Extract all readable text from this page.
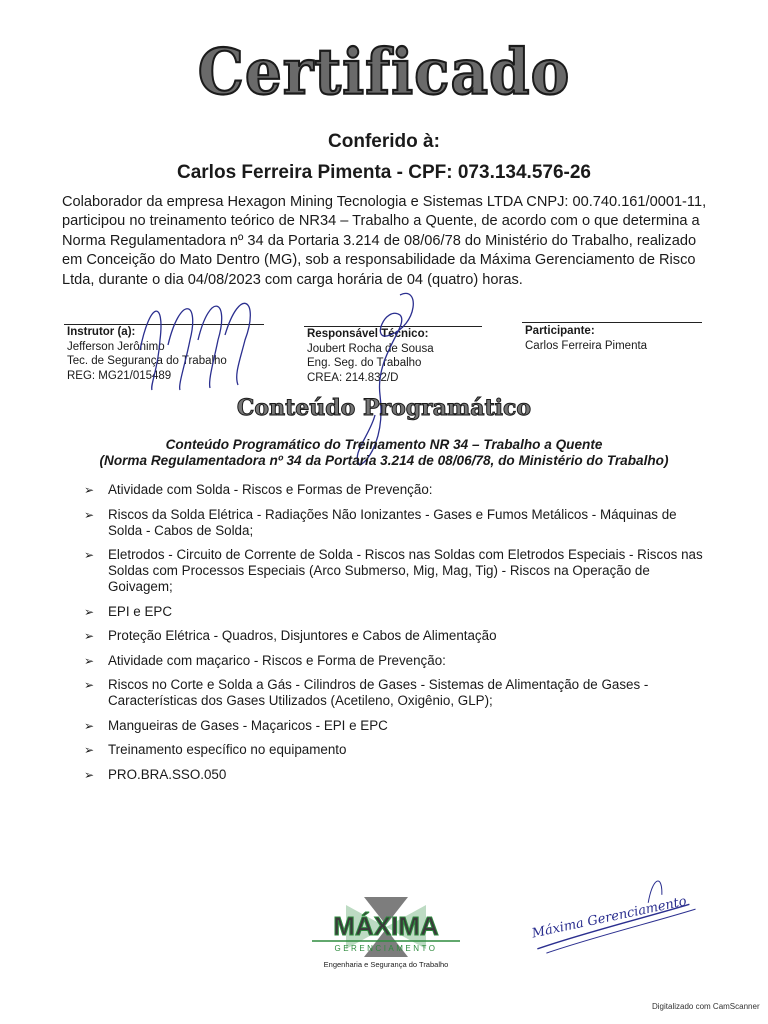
Certificado
Conferido à:
Carlos Ferreira Pimenta - CPF: 073.134.576-26
Colaborador da empresa Hexagon Mining Tecnologia e Sistemas LTDA CNPJ: 00.740.161/0001-11, participou no treinamento teórico de NR34 – Trabalho a Quente, de acordo com o que determina a Norma Regulamentadora nº 34 da Portaria 3.214 de 08/06/78 do Ministério do Trabalho, realizado em Conceição do Mato Dentro (MG), sob a responsabilidade da Máxima Gerenciamento de Risco Ltda, durante o dia 04/08/2023 com carga horária de 04 (quatro) horas.
Instrutor (a):
Jefferson Jerônimo
Tec. de Segurança do Trabalho
REG: MG21/015489
Responsável Técnico:
Joubert Rocha de Sousa
Eng. Seg. do Trabalho
CREA: 214.832/D
Participante:
Carlos Ferreira Pimenta
Conteúdo Programático
Conteúdo Programático do Treinamento NR 34 – Trabalho a Quente
(Norma Regulamentadora nº 34 da Portaria 3.214 de 08/06/78, do Ministério do Trabalho)
➢ Atividade com Solda - Riscos e Formas de Prevenção:
➢ Riscos da Solda Elétrica - Radiações Não Ionizantes - Gases e Fumos Metálicos - Máquinas de Solda - Cabos de Solda;
➢ Eletrodos - Circuito de Corrente de Solda - Riscos nas Soldas com Eletrodos Especiais - Riscos nas Soldas com Processos Especiais (Arco Submerso, Mig, Mag, Tig) - Riscos na Operação de Goivagem;
➢ EPI e EPC
➢ Proteção Elétrica - Quadros, Disjuntores e Cabos de Alimentação
➢ Atividade com maçarico - Riscos e Forma de Prevenção:
➢ Riscos no Corte e Solda a Gás - Cilindros de Gases - Sistemas de Alimentação de Gases - Características dos Gases Utilizados (Acetileno, Oxigênio, GLP);
➢ Mangueiras de Gases - Maçaricos - EPI e EPC
➢ Treinamento específico no equipamento
➢ PRO.BRA.SSO.050
MÁXIMA
GERENCIAMENTO
Engenharia e Segurança do Trabalho
Máxima Gerenciamento
Digitalizado com CamScanner
